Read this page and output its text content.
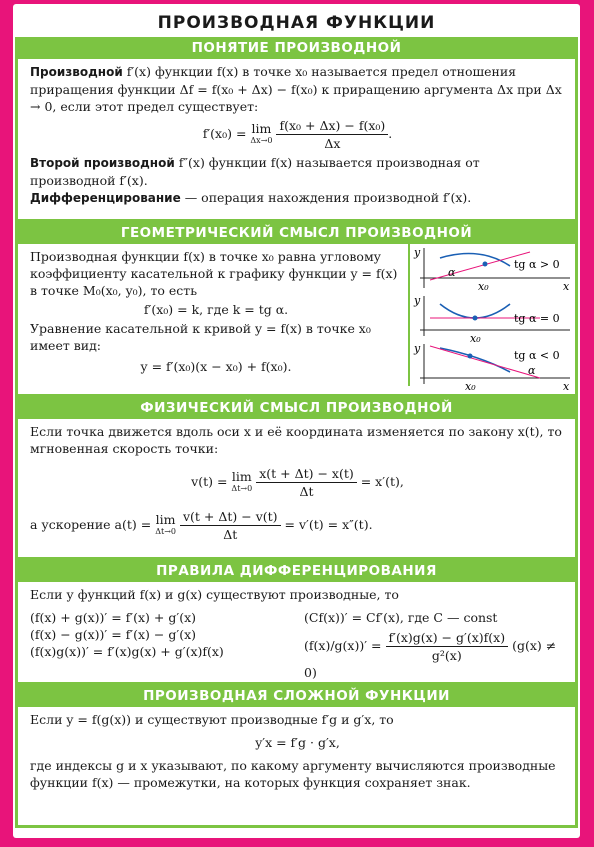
ПРОИЗВОДНАЯ ФУНКЦИИ
ПОНЯТИЕ ПРОИЗВОДНОЙ
Производной f′(x) функции f(x) в точке x₀ называется предел отношения приращения функции Δf = f(x₀ + Δx) − f(x₀) к приращению аргумента Δx при Δx → 0, если этот предел существует:
f′(x₀) = lim
Δx→0
$\frac{\text{f(x₀ + Δx) − f(x₀)}}{\Delta x}$ .
Второй производной f″(x) функции f(x) называется производная от производной f′(x).
Дифференцирование — операция нахождения производной f′(x).
ГЕОМЕТРИЧЕСКИЙ СМЫСЛ ПРОИЗВОДНОЙ
Производная функции f(x) в точке x₀ равна угловому коэффициенту касательной к графику функции y = f(x) в точке M₀(x₀, y₀), то есть
f′(x₀) = k, где k = tg α.
Уравнение касательной к кривой y = f(x) в точке x₀ имеет вид:
y = f′(x₀)(x − x₀) + f(x₀).
y
x
x₀
α
tg α > 0
y
x₀
tg α = 0
y
x
x₀
α
tg α < 0
ФИЗИЧЕСКИЙ СМЫСЛ ПРОИЗВОДНОЙ
Если точка движется вдоль оси x и её координата изменяется по закону x(t), то мгновенная скорость точки:
v(t) = lim
Δt→0
$\frac{x(t + \Delta t) - x(t)}{\Delta t} = x'(t)$,
а ускорение a(t) = lim
Δt→0
$\frac{v(t + \Delta t) - v(t)}{\Delta t} = v'(t) = x''(t)$.
ПРАВИЛА ДИФФЕРЕНЦИРОВАНИЯ
Если у функций f(x) и g(x) существуют производные, то
(f(x) + g(x))′ = f′(x) + g′(x)
(f(x) − g(x))′ = f′(x) − g′(x)
(f(x)g(x))′ = f′(x)g(x) + g′(x)f(x)
(Cf(x))′ = Cf′(x), где C — const
$(f(x)/g(x))' = \frac{f'(x)g(x) - g'(x)f(x)}{\text{g²(x)}} (g(x) \ne 0)$
ПРОИЗВОДНАЯ СЛОЖНОЙ ФУНКЦИИ
Если y = f(g(x)) и существуют производные f′g и g′x, то
y′x = f′g · g′x,
где индексы g и x указывают, по какому аргументу вычисляются производные функции f(x) — промежутки, на которых функция сохраняет знак.
